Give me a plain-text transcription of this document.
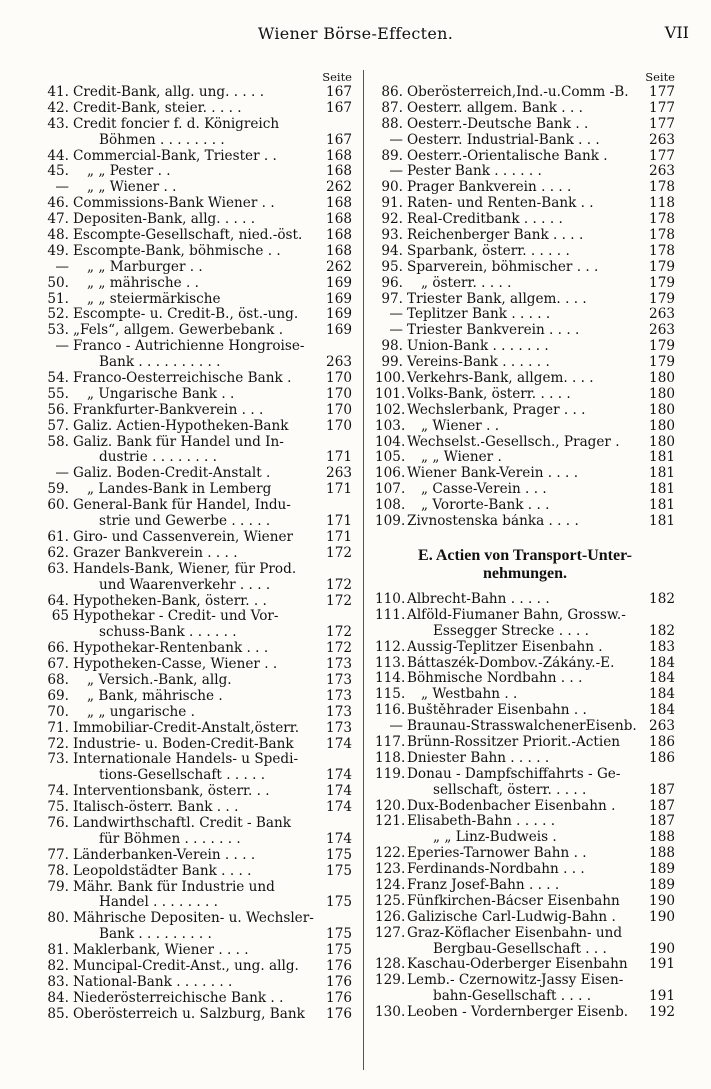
Wiener Börse-Effecten.	VII
Seite
41. Credit-Bank, allg. ung. . . . .	167
42. Credit-Bank, steier. . . . .	167
43. Credit foncier f. d. Königreich
Böhmen . . . . . . . .	167
44. Commercial-Bank, Triester . .	168
45.	„ „ Pester . .	168
—	„ „ Wiener . .	262
46. Commissions-Bank Wiener . .	168
47. Depositen-Bank, allg. . . . .	168
48. Escompte-Gesellschaft, nied.-öst.	168
49. Escompte-Bank, böhmische . .	168
—	„ „ Marburger . .	262
50.	„ „ mährische . .	169
51.	„ „ steiermärkische	169
52. Escompte- u. Credit-B., öst.-ung.	169
53. „Fels“, allgem. Gewerbebank .	169
— Franco - Autrichienne Hongroise-
Bank . . . . . . . . . .	263
54. Franco-Oesterreichische Bank .	170
55.	„ Ungarische Bank . .	170
56. Frankfurter-Bankverein . . .	170
57. Galiz. Actien-Hypotheken-Bank	170
58. Galiz. Bank für Handel und In-
dustrie . . . . . . . .	171
— Galiz. Boden-Credit-Anstalt .	263
59.	„ Landes-Bank in Lemberg	171
60. General-Bank für Handel, Indu-
strie und Gewerbe . . . . .	171
61. Giro- und Cassenverein, Wiener	171
62. Grazer Bankverein . . . .	172
63. Handels-Bank, Wiener, für Prod.
und Waarenverkehr . . . .	172
64. Hypotheken-Bank, österr. . .	172
65 Hypothekar - Credit- und Vor-
schuss-Bank . . . . . .	172
66. Hypothekar-Rentenbank . . .	172
67. Hypotheken-Casse, Wiener . .	173
68.	„ Versich.-Bank, allg.	173
69.	„ Bank, mährische .	173
70.	„ „ ungarische .	173
71. Immobiliar-Credit-Anstalt,österr.	173
72. Industrie- u. Boden-Credit-Bank	174
73. Internationale Handels- u Spedi-
tions-Gesellschaft . . . . .	174
74. Interventionsbank, österr. . .	174
75. Italisch-österr. Bank . . .	174
76. Landwirthschaftl. Credit - Bank
für Böhmen . . . . . . .	174
77. Länderbanken-Verein . . . .	175
78. Leopoldstädter Bank . . . .	175
79. Mähr. Bank für Industrie und
Handel . . . . . . . .	175
80. Mährische Depositen- u. Wechsler-
Bank . . . . . . . . .	175
81. Maklerbank, Wiener . . . .	175
82. Muncipal-Credit-Anst., ung. allg.	176
83. National-Bank . . . . . . .	176
84. Niederösterreichische Bank . .	176
85. Oberösterreich u. Salzburg, Bank	176
Seite
86. Oberösterreich,Ind.-u.Comm -B.	177
87. Oesterr. allgem. Bank . . .	177
88. Oesterr.-Deutsche Bank . .	177
— Oesterr. Industrial-Bank . . .	263
89. Oesterr.-Orientalische Bank .	177
— Pester Bank . . . . . .	263
90. Prager Bankverein . . . .	178
91. Raten- und Renten-Bank . .	118
92. Real-Creditbank . . . . .	178
93. Reichenberger Bank . . . .	178
94. Sparbank, österr. . . . . .	178
95. Sparverein, böhmischer . . .	179
96.	„ österr. . . . .	179
97. Triester Bank, allgem. . . .	179
— Teplitzer Bank . . . . .	263
— Triester Bankverein . . . .	263
98. Union-Bank . . . . . . .	179
99. Vereins-Bank . . . . . .	179
100. Verkehrs-Bank, allgem. . . .	180
101. Volks-Bank, österr. . . . .	180
102. Wechslerbank, Prager . . .	180
103.	„ Wiener . .	180
104. Wechselst.-Gesellsch., Prager .	180
105.	„ „ Wiener .	181
106. Wiener Bank-Verein . . . .	181
107.	„ Casse-Verein . . .	181
108.	„ Vororte-Bank . . .	181
109. Zivnostenska bánka . . . .	181
E. Actien von Transport-Unter-
nehmungen.
110. Albrecht-Bahn . . . . .	182
111. Alföld-Fiumaner Bahn, Grossw.-
Essegger Strecke . . . .	182
112. Aussig-Teplitzer Eisenbahn .	183
113. Báttaszék-Dombov.-Zákány.-E.	184
114. Böhmische Nordbahn . . .	184
115.	„ Westbahn . .	184
116. Buštěhrader Eisenbahn . .	184
— Braunau-StrasswalchenerEisenb. 263
117. Brünn-Rossitzer Priorit.-Actien	186
118. Dniester Bahn . . . . .	186
119. Donau - Dampfschiffahrts - Ge-
sellschaft, österr. . . . .	187
120. Dux-Bodenbacher Eisenbahn .	187
121. Elisabeth-Bahn . . . . .	187
„ „ Linz-Budweis .	188
122. Eperies-Tarnower Bahn . .	188
123. Ferdinands-Nordbahn . . .	189
124. Franz Josef-Bahn . . . .	189
125. Fünfkirchen-Bácser Eisenbahn	190
126. Galizische Carl-Ludwig-Bahn .	190
127. Graz-Köflacher Eisenbahn- und
Bergbau-Gesellschaft . . .	190
128. Kaschau-Oderberger Eisenbahn	191
129. Lemb.- Czernowitz-Jassy Eisen-
bahn-Gesellschaft . . . .	191
130. Leoben - Vordernberger Eisenb.	192
